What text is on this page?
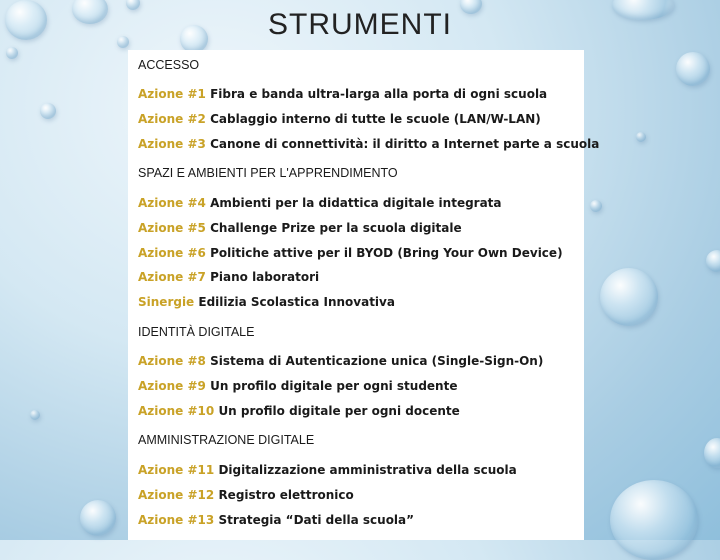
STRUMENTI
ACCESSO
Azione #1 Fibra e banda ultra-larga alla porta di ogni scuola
Azione #2 Cablaggio interno di tutte le scuole (LAN/W-LAN)
Azione #3 Canone di connettività: il diritto a Internet parte a scuola
SPAZI E AMBIENTI PER L'APPRENDIMENTO
Azione #4 Ambienti per la didattica digitale integrata
Azione #5 Challenge Prize per la scuola digitale
Azione #6 Politiche attive per il BYOD (Bring Your Own Device)
Azione #7 Piano laboratori
Sinergie Edilizia Scolastica Innovativa
IDENTITÀ DIGITALE
Azione #8 Sistema di Autenticazione unica (Single-Sign-On)
Azione #9 Un profilo digitale per ogni studente
Azione #10 Un profilo digitale per ogni docente
AMMINISTRAZIONE DIGITALE
Azione #11 Digitalizzazione amministrativa della scuola
Azione #12 Registro elettronico
Azione #13 Strategia “Dati della scuola”
